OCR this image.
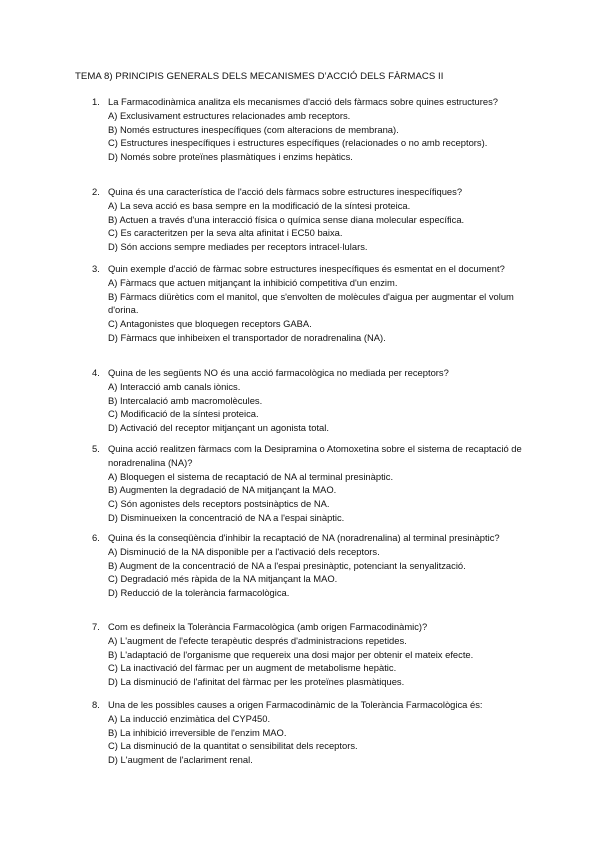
TEMA 8) PRINCIPIS GENERALS DELS MECANISMES D’ACCIÓ DELS FÀRMACS II
1. La Farmacodinàmica analitza els mecanismes d'acció dels fàrmacs sobre quines estructures?
A) Exclusivament estructures relacionades amb receptors.
B) Només estructures inespecífiques (com alteracions de membrana).
C) Estructures inespecífiques i estructures específiques (relacionades o no amb receptors).
D) Només sobre proteïnes plasmàtiques i enzims hepàtics.
2. Quina és una característica de l'acció dels fàrmacs sobre estructures inespecífiques?
A) La seva acció es basa sempre en la modificació de la síntesi proteica.
B) Actuen a través d'una interacció física o química sense diana molecular específica.
C) Es caracteritzen per la seva alta afinitat i EC50 baixa.
D) Són accions sempre mediades per receptors intracel·lulars.
3. Quin exemple d'acció de fàrmac sobre estructures inespecífiques és esmentat en el document?
A) Fàrmacs que actuen mitjançant la inhibició competitiva d'un enzim.
B) Fàrmacs diürètics com el manitol, que s'envolten de molècules d'aigua per augmentar el volum d'orina.
C) Antagonistes que bloquegen receptors GABA.
D) Fàrmacs que inhibeixen el transportador de noradrenalina (NA).
4. Quina de les següents NO és una acció farmacològica no mediada per receptors?
A) Interacció amb canals iònics.
B) Intercalació amb macromolècules.
C) Modificació de la síntesi proteica.
D) Activació del receptor mitjançant un agonista total.
5. Quina acció realitzen fàrmacs com la Desipramina o Atomoxetina sobre el sistema de recaptació de noradrenalina (NA)?
A) Bloquegen el sistema de recaptació de NA al terminal presinàptic.
B) Augmenten la degradació de NA mitjançant la MAO.
C) Són agonistes dels receptors postsinàptics de NA.
D) Disminueixen la concentració de NA a l'espai sinàptic.
6. Quina és la conseqüència d'inhibir la recaptació de NA (noradrenalina) al terminal presinàptic?
A) Disminució de la NA disponible per a l'activació dels receptors.
B) Augment de la concentració de NA a l'espai presinàptic, potenciant la senyalització.
C) Degradació més ràpida de la NA mitjançant la MAO.
D) Reducció de la tolerància farmacològica.
7. Com es defineix la Tolerància Farmacològica (amb origen Farmacodinàmic)?
A) L'augment de l'efecte terapèutic després d'administracions repetides.
B) L'adaptació de l'organisme que requereix una dosi major per obtenir el mateix efecte.
C) La inactivació del fàrmac per un augment de metabolisme hepàtic.
D) La disminució de l'afinitat del fàrmac per les proteïnes plasmàtiques.
8. Una de les possibles causes a origen Farmacodinàmic de la Tolerància Farmacològica és:
A) La inducció enzimàtica del CYP450.
B) La inhibició irreversible de l'enzim MAO.
C) La disminució de la quantitat o sensibilitat dels receptors.
D) L'augment de l'aclariment renal.
